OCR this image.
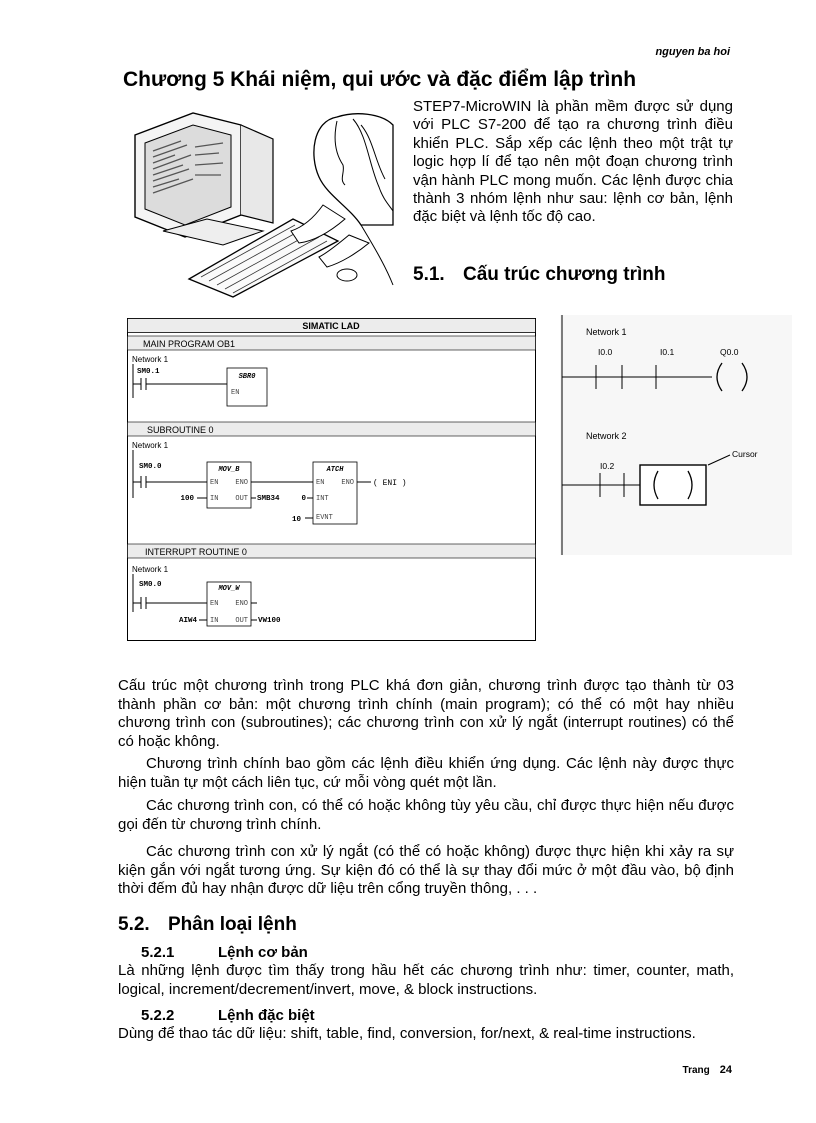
nguyen ba hoi
Chương 5 Khái niệm, qui ước và đặc điểm lập trình
STEP7-MicroWIN là phần mềm được sử dụng với PLC S7-200 để tạo ra chương trình điều khiển PLC. Sắp xếp các lệnh theo một trật tự logic hợp lí để tạo nên một đoạn chương trình vận hành PLC mong muốn. Các lệnh được chia thành 3 nhóm lệnh như sau: lệnh cơ bản, lệnh đặc biệt và lệnh tốc độ cao.
5.1. Cấu trúc chương trình
SIMATIC LAD
MAIN PROGRAM OB1
Network 1
SM0.1
SBR0
EN
SUBROUTINE 0
Network 1
SM0.0	MOV_B
EN ENO
IN OUT
100	SMB34
ATCH
EN ENO
INT
EVNT
0
10
( ENI )
INTERRUPT ROUTINE 0
Network 1
SM0.0	MOV_W
EN ENO
IN OUT
AIW4	VW100
Network 1
I0.0	I0.1	Q0.0
Network 2
I0.2
Cursor
Cấu trúc một chương trình trong PLC khá đơn giản, chương trình được tạo thành từ 03 thành phần cơ bản: một chương trình chính (main program); có thể có một hay nhiều chương trình con (subroutines); các chương trình con xử lý ngắt (interrupt routines) có thể có hoặc không.
Chương trình chính bao gồm các lệnh điều khiển ứng dụng. Các lệnh này được thực hiện tuần tự một cách liên tục, cứ mỗi vòng quét một lần.
Các chương trình con, có thể có hoặc không tùy yêu cầu, chỉ được thực hiện nếu được gọi đến từ chương trình chính.
Các chương trình con xử lý ngắt (có thể có hoặc không) được thực hiện khi xảy ra sự kiện gắn với ngắt tương ứng. Sự kiện đó có thể là sự thay đổi mức ở một đầu vào, bộ định thời đếm đủ hay nhận được dữ liệu trên cổng truyền thông, . . .
5.2. Phân loại lệnh
5.2.1	Lệnh cơ bản
Là những lệnh được tìm thấy trong hầu hết các chương trình như: timer, counter, math, logical, increment/decrement/invert, move, & block instructions.
5.2.2	Lệnh đặc biệt
Dùng để thao tác dữ liệu: shift, table, find, conversion, for/next, & real-time instructions.
Trang 24
